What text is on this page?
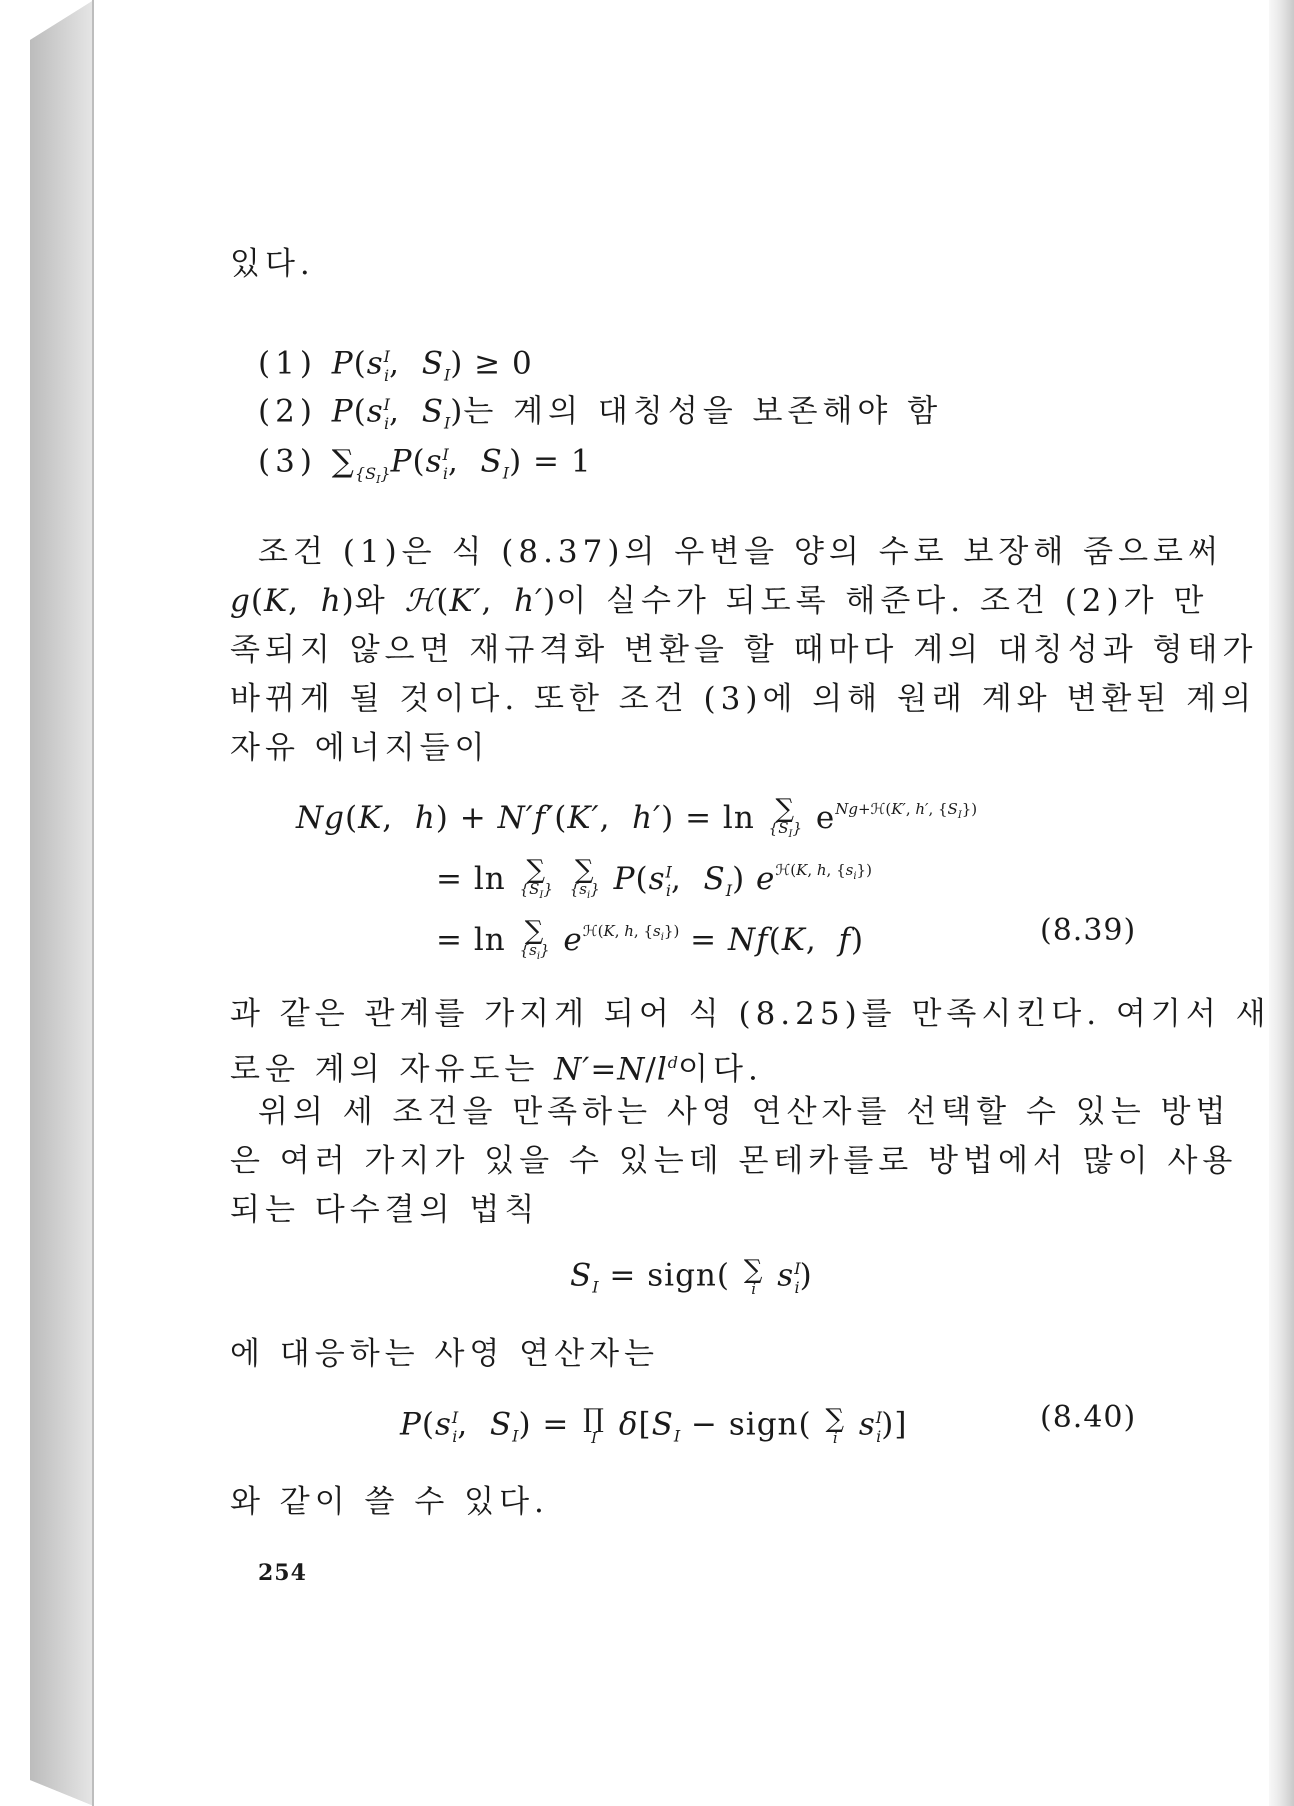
있다.
(1) $P(s^I_i$,  $S_I) \ge 0$
(2) $P(s^I_i$,  $S_I$)는 계의 대칭성을 보존해야 함
(3) $\sum_{\{S_I\}}P(s^I_i$,  $S_I) = 1$
조건 (1)은 식 (8.37)의 우변을 양의 수로 보장해 줌으로써
g(K,  h)와 ℋ(K′,  h′)이 실수가 되도록 해준다. 조건 (2)가 만
족되지 않으면 재규격화 변환을 할 때마다 계의 대칭성과 형태가
바뀌게 될 것이다. 또한 조건 (3)에 의해 원래 계와 변환된 계의
자유 에너지들이
Ng(K,  h) + N′f′(K′,  h′) = ln ∑
$\{S_I\}$ $e^{Ng+ℋ(K', h', \{S_I\})}$
= ln ∑
$\{S_I\}$

∑
$\{s_i\}$ $P(s^I_i$,  $S_I$) $e^{ℋ(K, h, \{s_i\})}$
= ln ∑
$\{s_i\} e^{ℋ(K, h, \{s_i\})} = Nf(K$,  f)	(8.39)
과 같은 관계를 가지게 되어 식 (8.25)를 만족시킨다. 여기서 새
로운 계의 자유도는 $N'=N/l^d$이다.
위의 세 조건을 만족하는 사영 연산자를 선택할 수 있는 방법
은 여러 가지가 있을 수 있는데 몬테카를로 방법에서 많이 사용
되는 다수결의 법칙
$S_I$ = sign( ∑
i $s^I_i$)
에 대응하는 사영 연산자는
$P(s^I_i$,  $S_I$) = ∏
I $\delta[S_I$ − sign( ∑
i $s^I_i$)]	(8.40)
와 같이 쓸 수 있다.
254
